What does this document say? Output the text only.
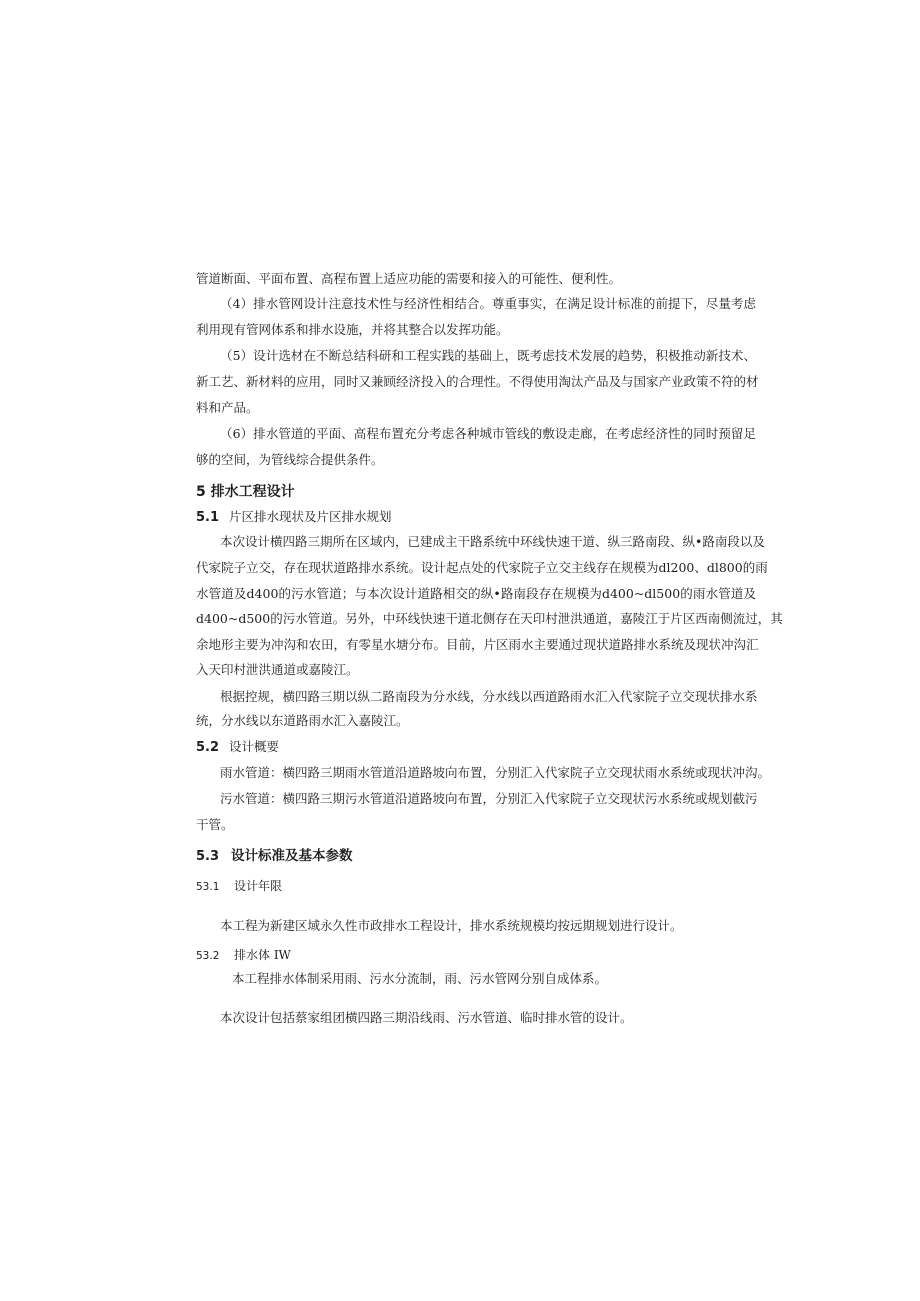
管道断面、平面布置、高程布置上适应功能的需要和接入的可能性、便利性。
（4）排水管网设计注意技术性与经济性相结合。尊重事实，在满足设计标准的前提下，尽量考虑
利用现有管网体系和排水设施，并将其整合以发挥功能。
（5）设计选材在不断总结科研和工程实践的基础上，既考虑技术发展的趋势，积极推动新技术、
新工艺、新材料的应用，同时又兼顾经济投入的合理性。不得使用淘汰产品及与国家产业政策不符的材
料和产品。
（6）排水管道的平面、高程布置充分考虑各种城市管线的敷设走廊，在考虑经济性的同时预留足
够的空间，为管线综合提供条件。
5 排水工程设计
5.1 片区排水现状及片区排水规划
本次设计横四路三期所在区域内，已建成主干路系统中环线快速干道、纵三路南段、纵•路南段以及
代家院子立交，存在现状道路排水系统。设计起点处的代家院子立交主线存在规模为dl200、dl800的雨
水管道及d400的污水管道；与本次设计道路相交的纵•路南段存在规模为d400~dl500的雨水管道及
d400~d500的污水管道。另外，中环线快速干道北侧存在天印村泄洪通道，嘉陵江于片区西南侧流过，其
余地形主要为冲沟和农田，有零星水塘分布。目前，片区雨水主要通过现状道路排水系统及现状冲沟汇
入天印村泄洪通道或嘉陵江。
根据控规，横四路三期以纵二路南段为分水线，分水线以西道路雨水汇入代家院子立交现状排水系
统，分水线以东道路雨水汇入嘉陵江。
5.2 设计概要
雨水管道：横四路三期雨水管道沿道路坡向布置，分别汇入代家院子立交现状雨水系统或现状冲沟。
污水管道：横四路三期污水管道沿道路坡向布置，分别汇入代家院子立交现状污水系统或规划截污
干管。
5.3 设计标准及基本参数
53.1 设计年限
本工程为新建区域永久性市政排水工程设计，排水系统规模均按远期规划进行设计。
53.2 排水体 IW
本工程排水体制采用雨、污水分流制，雨、污水管网分别自成体系。
本次设计包括蔡家组团横四路三期沿线雨、污水管道、临时排水管的设计。
